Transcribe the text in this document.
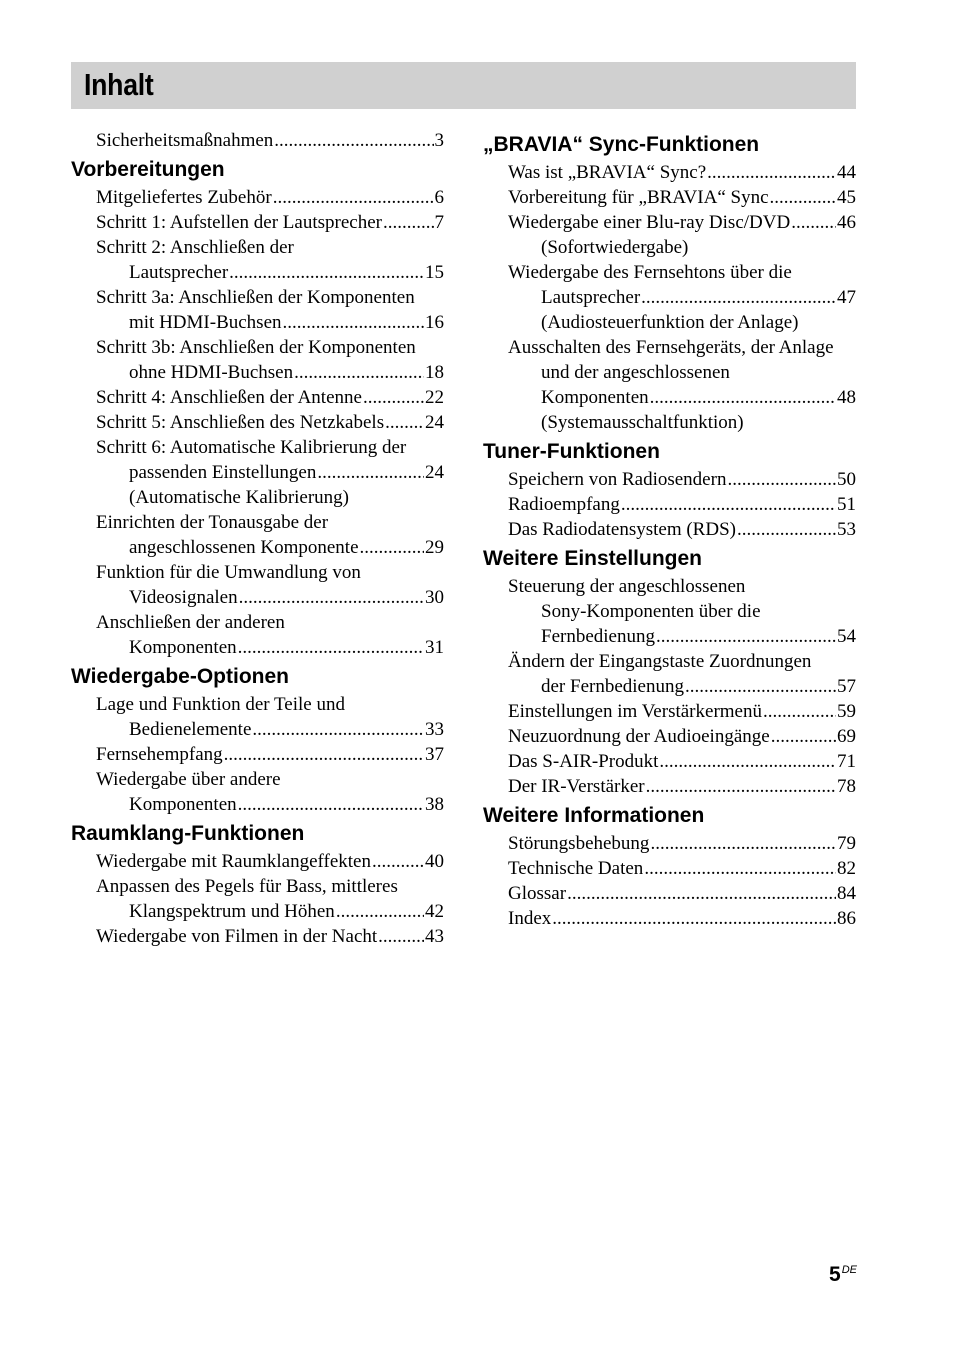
Inhalt
Sicherheitsmaßnahmen .....	3
Vorbereitungen
Mitgeliefertes Zubehör .....	6
Schritt 1: Aufstellen der Lautsprecher .....	7
Schritt 2: Anschließen der
Lautsprecher .....	15
Schritt 3a: Anschließen der Komponenten
mit HDMI-Buchsen .....	16
Schritt 3b: Anschließen der Komponenten
ohne HDMI-Buchsen .....	18
Schritt 4: Anschließen der Antenne .....	22
Schritt 5: Anschließen des Netzkabels ..... 24
Schritt 6: Automatische Kalibrierung der
passenden Einstellungen .....	24
(Automatische Kalibrierung)
Einrichten der Tonausgabe der
angeschlossenen Komponente .....	29
Funktion für die Umwandlung von
Videosignalen .....	30
Anschließen der anderen
Komponenten .....	31
Wiedergabe-Optionen
Lage und Funktion der Teile und
Bedienelemente .....	33
Fernsehempfang .....	37
Wiedergabe über andere
Komponenten .....	38
Raumklang-Funktionen
Wiedergabe mit Raumklangeffekten .....	40
Anpassen des Pegels für Bass, mittleres
Klangspektrum und Höhen .....	42
Wiedergabe von Filmen in der Nacht .....	43
„BRAVIA“ Sync-Funktionen
Was ist „BRAVIA“ Sync? .....	44
Vorbereitung für „BRAVIA“ Sync .....	45
Wiedergabe einer Blu-ray Disc/DVD ..... 46
(Sofortwiedergabe)
Wiedergabe des Fernsehtons über die
Lautsprecher .....	47
(Audiosteuerfunktion der Anlage)
Ausschalten des Fernsehgeräts, der Anlage
und der angeschlossenen
Komponenten .....	48
(Systemausschaltfunktion)
Tuner-Funktionen
Speichern von Radiosendern .....	50
Radioempfang .....	51
Das Radiodatensystem (RDS) .....	53
Weitere Einstellungen
Steuerung der angeschlossenen
Sony-Komponenten über die
Fernbedienung .....	54
Ändern der Eingangstaste Zuordnungen
der Fernbedienung .....	57
Einstellungen im Verstärkermenü .....	59
Neuzuordnung der Audioeingänge .....	69
Das S-AIR-Produkt .....	71
Der IR-Verstärker .....	78
Weitere Informationen
Störungsbehebung .....	79
Technische Daten .....	82
Glossar .....	84
Index .....	86
5DE
